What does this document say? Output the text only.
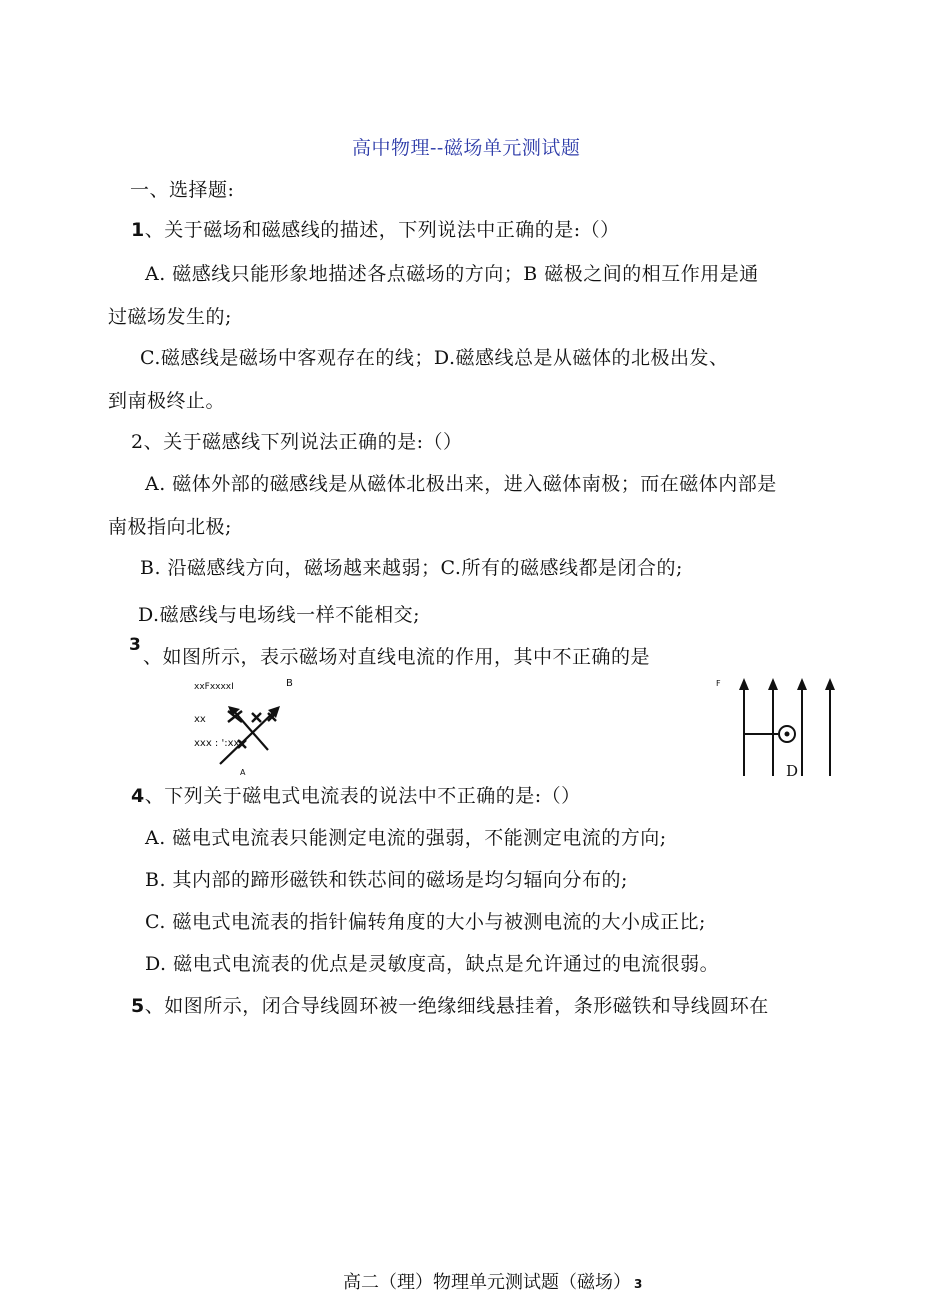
高中物理--磁场单元测试题
一、选择题:
1、关于磁场和磁感线的描述，下列说法中正确的是:（）
A. 磁感线只能形象地描述各点磁场的方向；B 磁极之间的相互作用是通
过磁场发生的;
C.磁感线是磁场中客观存在的线；D.磁感线总是从磁体的北极出发、
到南极终止。
2、关于磁感线下列说法正确的是:（）
A. 磁体外部的磁感线是从磁体北极出来，进入磁体南极；而在磁体内部是
南极指向北极;
B. 沿磁感线方向，磁场越来越弱；C.所有的磁感线都是闭合的;
D.磁感线与电场线一样不能相交;
3
、如图所示，表示磁场对直线电流的作用，其中不正确的是
xxFxxxxI	B
xx
xxx : ':xxx
A
F
D
4、下列关于磁电式电流表的说法中不正确的是:（）
A. 磁电式电流表只能测定电流的强弱，不能测定电流的方向;
B. 其内部的蹄形磁铁和铁芯间的磁场是均匀辐向分布的;
C. 磁电式电流表的指针偏转角度的大小与被测电流的大小成正比;
D. 磁电式电流表的优点是灵敏度高，缺点是允许通过的电流很弱。
5、如图所示，闭合导线圆环被一绝缘细线悬挂着，条形磁铁和导线圆环在
高二（理）物理单元测试题（磁场） 3
